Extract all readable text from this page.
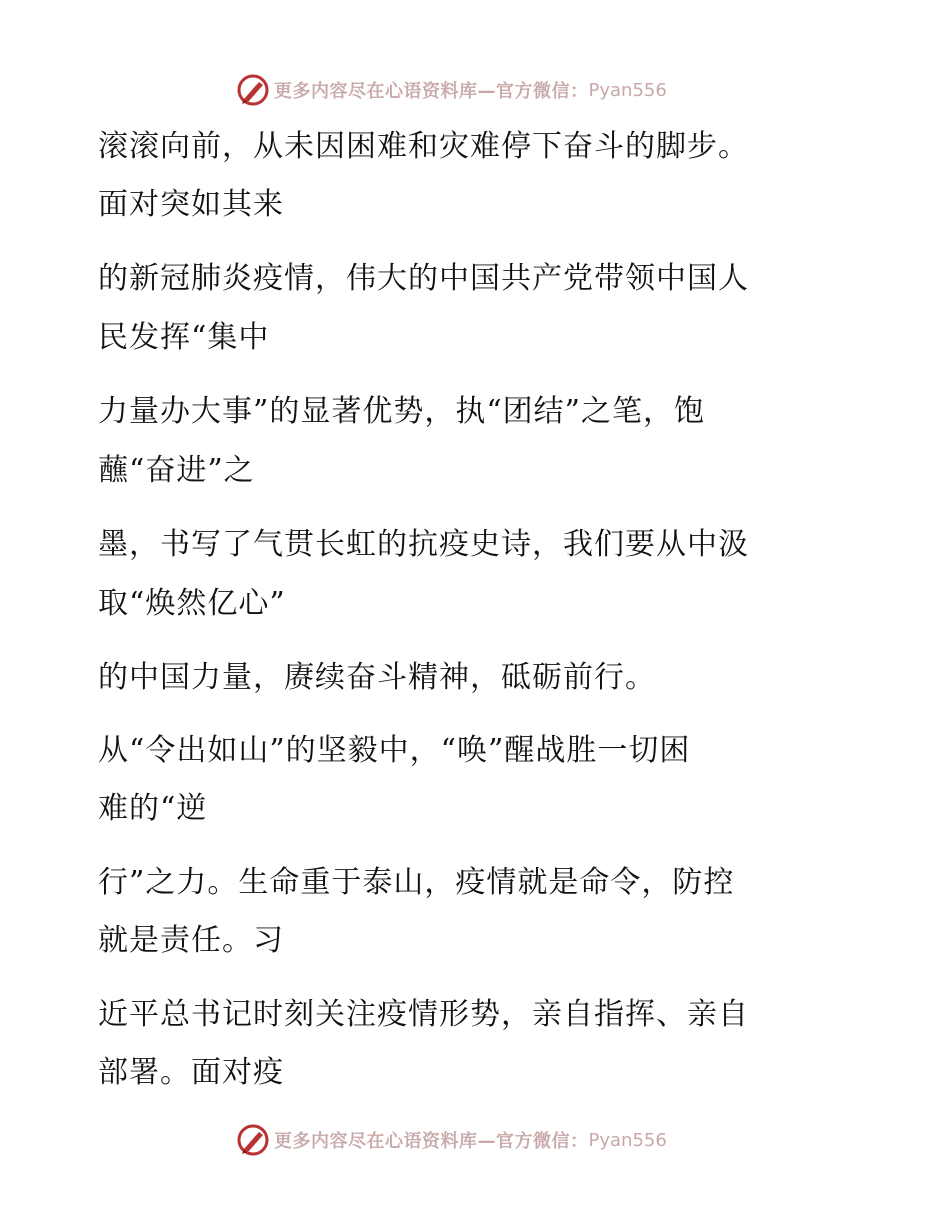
更多内容尽在心语资料库—官方微信： Pyan556
滚滚向前，从未因困难和灾难停下奋斗的脚步。
面对突如其来
的新冠肺炎疫情，伟大的中国共产党带领中国人
民发挥“集中
力量办大事”的显著优势，执“团结”之笔，饱
蘸“奋进”之
墨，书写了气贯长虹的抗疫史诗，我们要从中汲
取“焕然亿心”
的中国力量，赓续奋斗精神，砥砺前行。
从“令出如山”的坚毅中，“唤”醒战胜一切困
难的“逆
行”之力。生命重于泰山，疫情就是命令，防控
就是责任。习
近平总书记时刻关注疫情形势，亲自指挥、亲自
部署。面对疫
更多内容尽在心语资料库—官方微信： Pyan556
